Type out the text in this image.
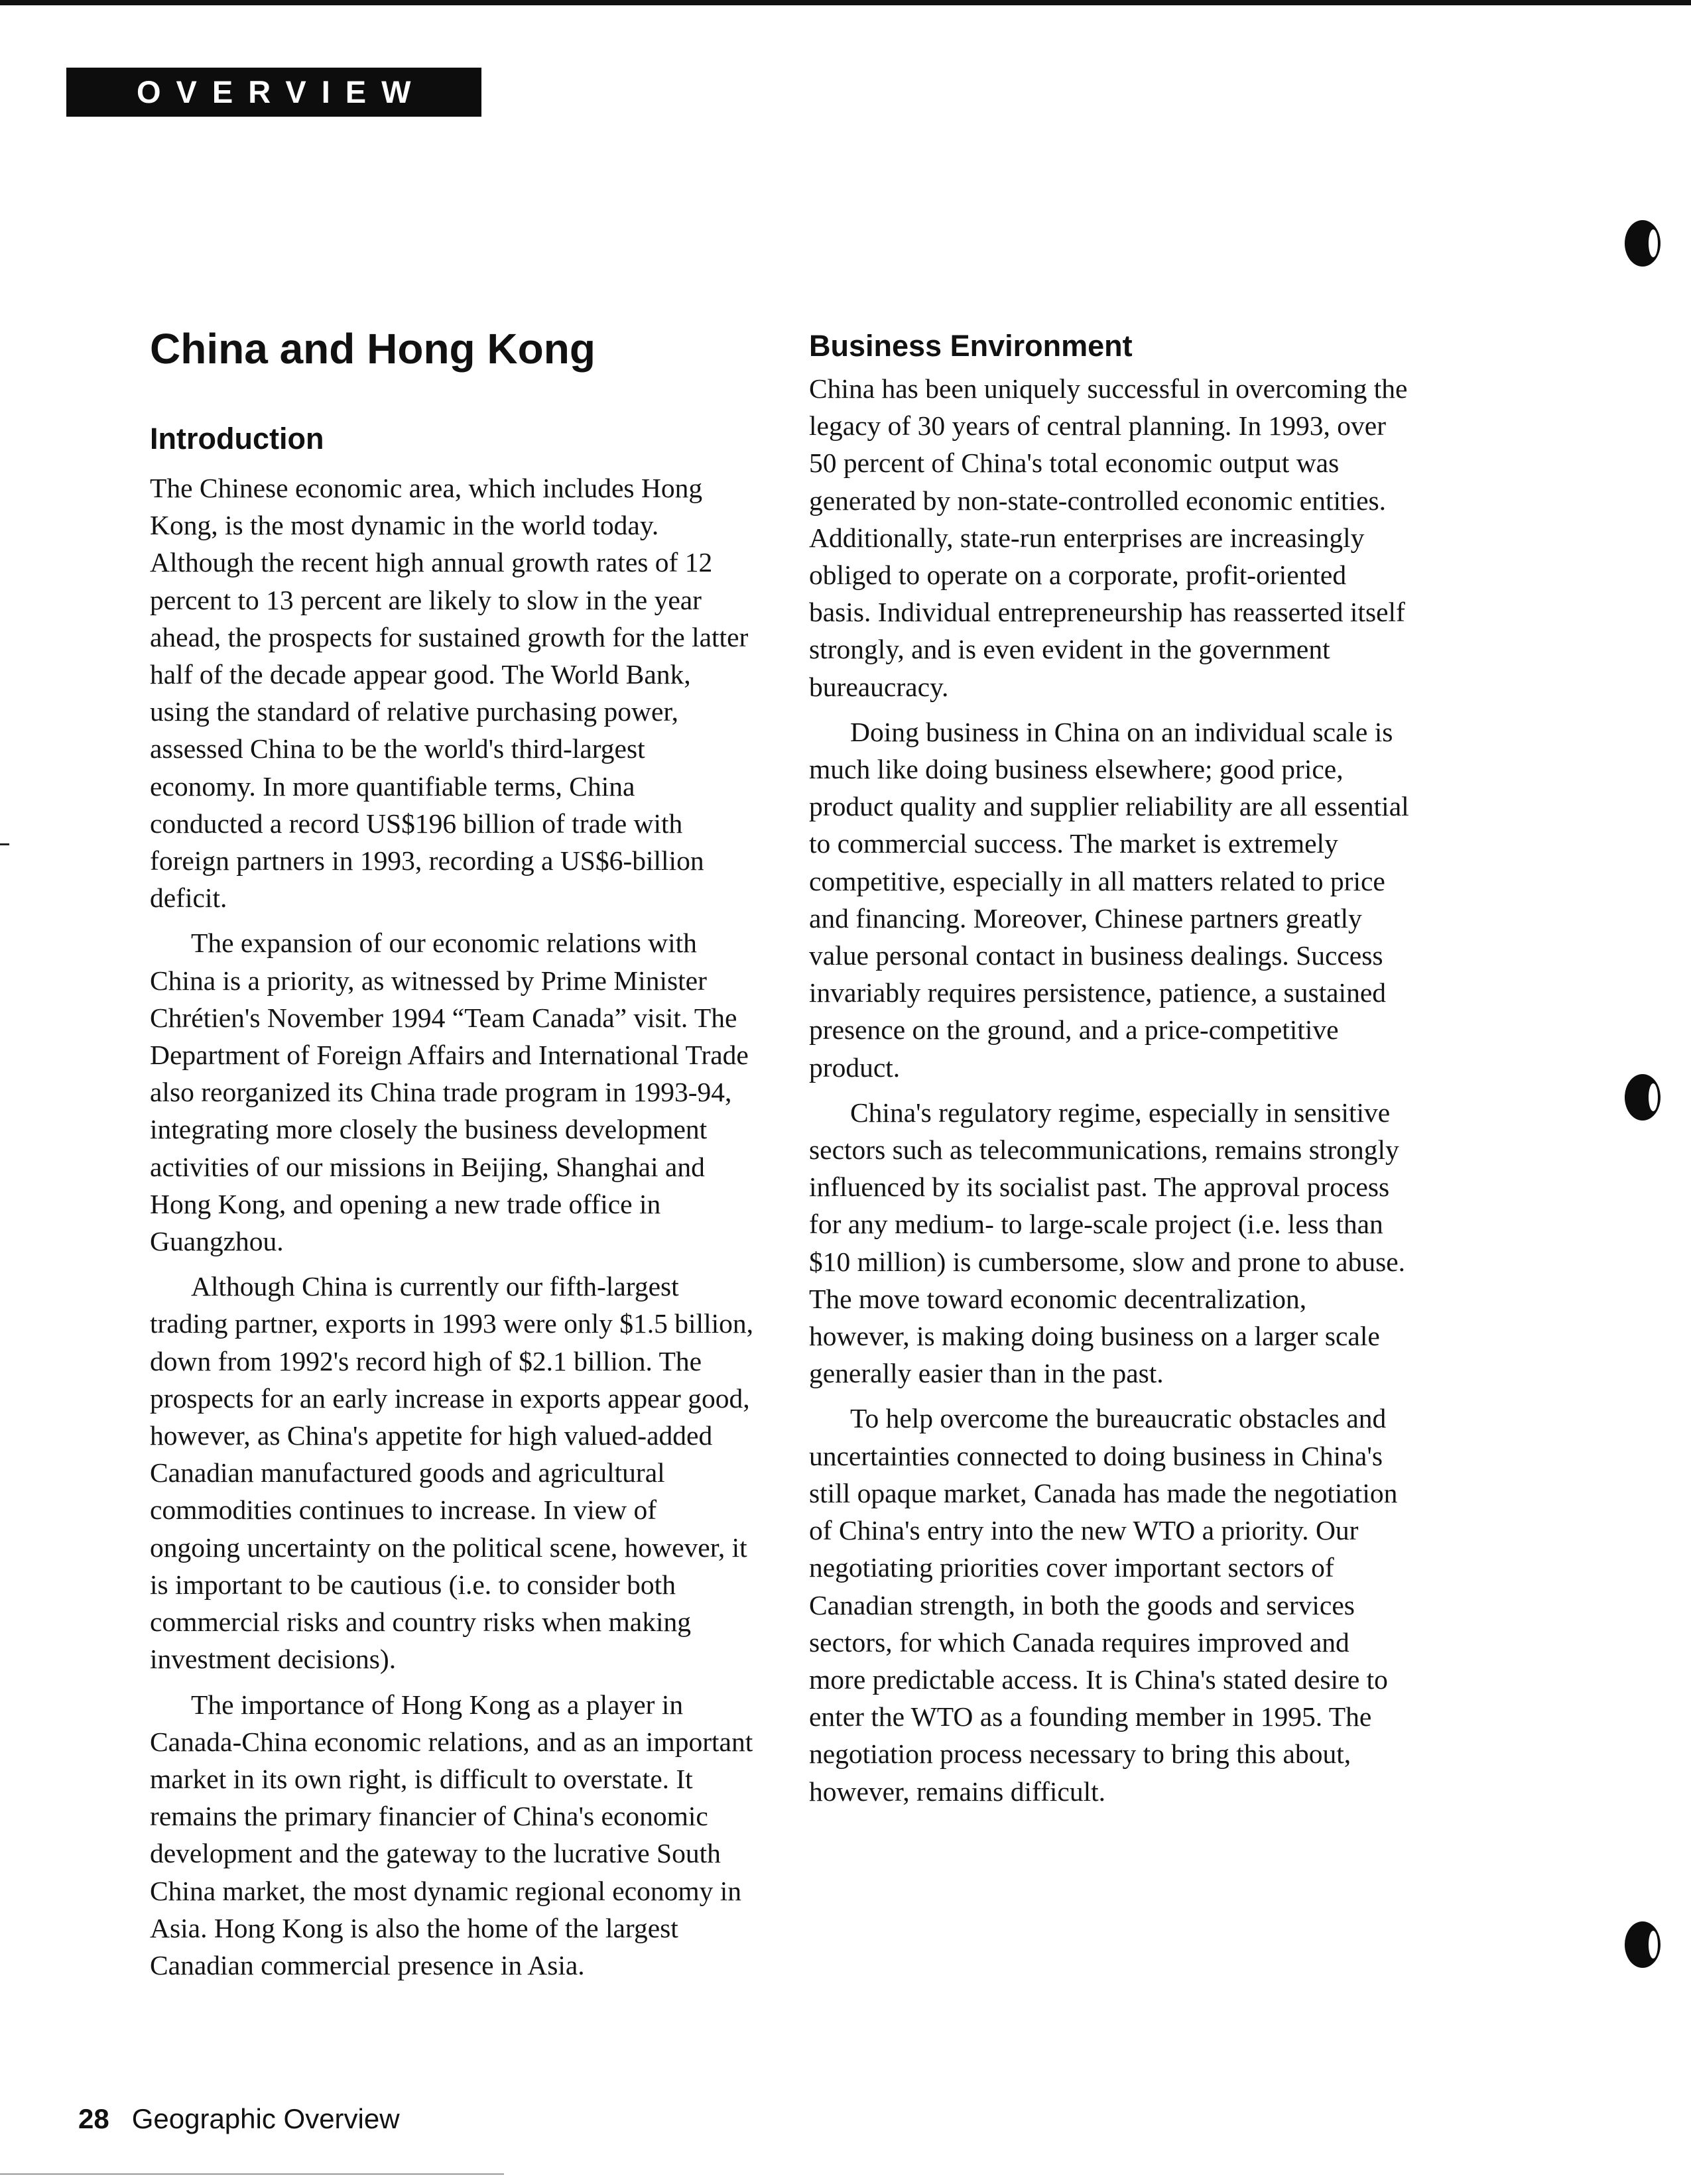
OVERVIEW
China and Hong Kong
Introduction

The Chinese economic area, which includes Hong Kong, is the most dynamic in the world today. Although the recent high annual growth rates of 12 percent to 13 percent are likely to slow in the year ahead, the prospects for sustained growth for the latter half of the decade appear good. The World Bank, using the standard of relative purchasing power, assessed China to be the world's third-largest economy. In more quantifiable terms, China conducted a record US$196 billion of trade with foreign partners in 1993, recording a US$6-billion deficit.

The expansion of our economic relations with China is a priority, as witnessed by Prime Minister Chrétien's November 1994 “Team Canada” visit. The Department of Foreign Affairs and International Trade also reorganized its China trade program in 1993-94, integrating more closely the business development activities of our missions in Beijing, Shanghai and Hong Kong, and opening a new trade office in Guangzhou.

Although China is currently our fifth-largest trading partner, exports in 1993 were only $1.5 billion, down from 1992's record high of $2.1 billion. The prospects for an early increase in exports appear good, however, as China's appetite for high valued-added Canadian manufactured goods and agricultural commodities continues to increase. In view of ongoing uncertainty on the political scene, however, it is important to be cautious (i.e. to consider both commercial risks and country risks when making investment decisions).

The importance of Hong Kong as a player in Canada-China economic relations, and as an important market in its own right, is difficult to overstate. It remains the primary financier of China's economic development and the gateway to the lucrative South China market, the most dynamic regional economy in Asia. Hong Kong is also the home of the largest Canadian commercial presence in Asia.

Business Environment

China has been uniquely successful in overcoming the legacy of 30 years of central planning. In 1993, over 50 percent of China's total economic output was generated by non-state-controlled economic entities. Additionally, state-run enterprises are increasingly obliged to operate on a corporate, profit-oriented basis. Individual entrepreneurship has reasserted itself strongly, and is even evident in the government bureaucracy.

Doing business in China on an individual scale is much like doing business elsewhere; good price, product quality and supplier reliability are all essential to commercial success. The market is extremely competitive, especially in all matters related to price and financing. Moreover, Chinese partners greatly value personal contact in business dealings. Success invariably requires persistence, patience, a sustained presence on the ground, and a price-competitive product.

China's regulatory regime, especially in sensitive sectors such as telecommunications, remains strongly influenced by its socialist past. The approval process for any medium- to large-scale project (i.e. less than $10 million) is cumbersome, slow and prone to abuse. The move toward economic decentralization, however, is making doing business on a larger scale generally easier than in the past.

To help overcome the bureaucratic obstacles and uncertainties connected to doing business in China's still opaque market, Canada has made the negotiation of China's entry into the new WTO a priority. Our negotiating priorities cover important sectors of Canadian strength, in both the goods and services sectors, for which Canada requires improved and more predictable access. It is China's stated desire to enter the WTO as a founding member in 1995. The negotiation process necessary to bring this about, however, remains difficult.

28 Geographic Overview
